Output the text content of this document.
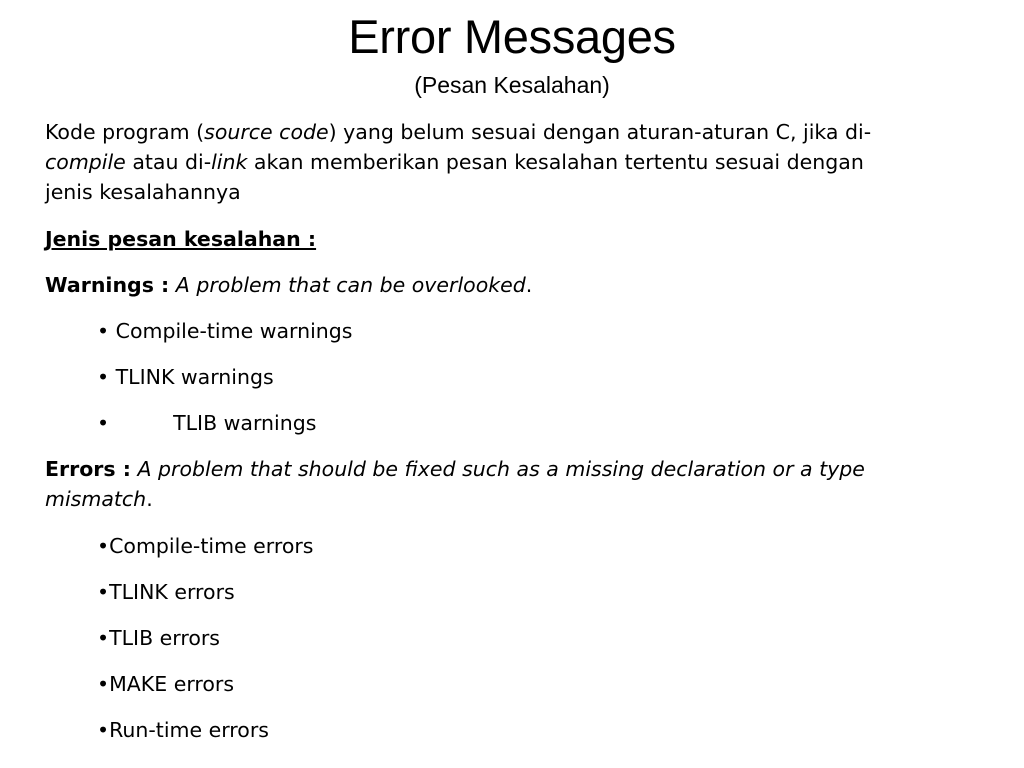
Error Messages
(Pesan Kesalahan)
Kode program (source code) yang belum sesuai dengan aturan-aturan C, jika di-
compile atau di-link akan memberikan pesan kesalahan tertentu sesuai dengan
jenis kesalahannya
Jenis pesan kesalahan :
Warnings : A problem that can be overlooked.
• Compile-time warnings
• TLINK warnings
•	TLIB warnings
Errors : A problem that should be fixed such as a missing declaration or a type
mismatch.
•Compile-time errors
•TLINK errors
•TLIB errors
•MAKE errors
•Run-time errors
